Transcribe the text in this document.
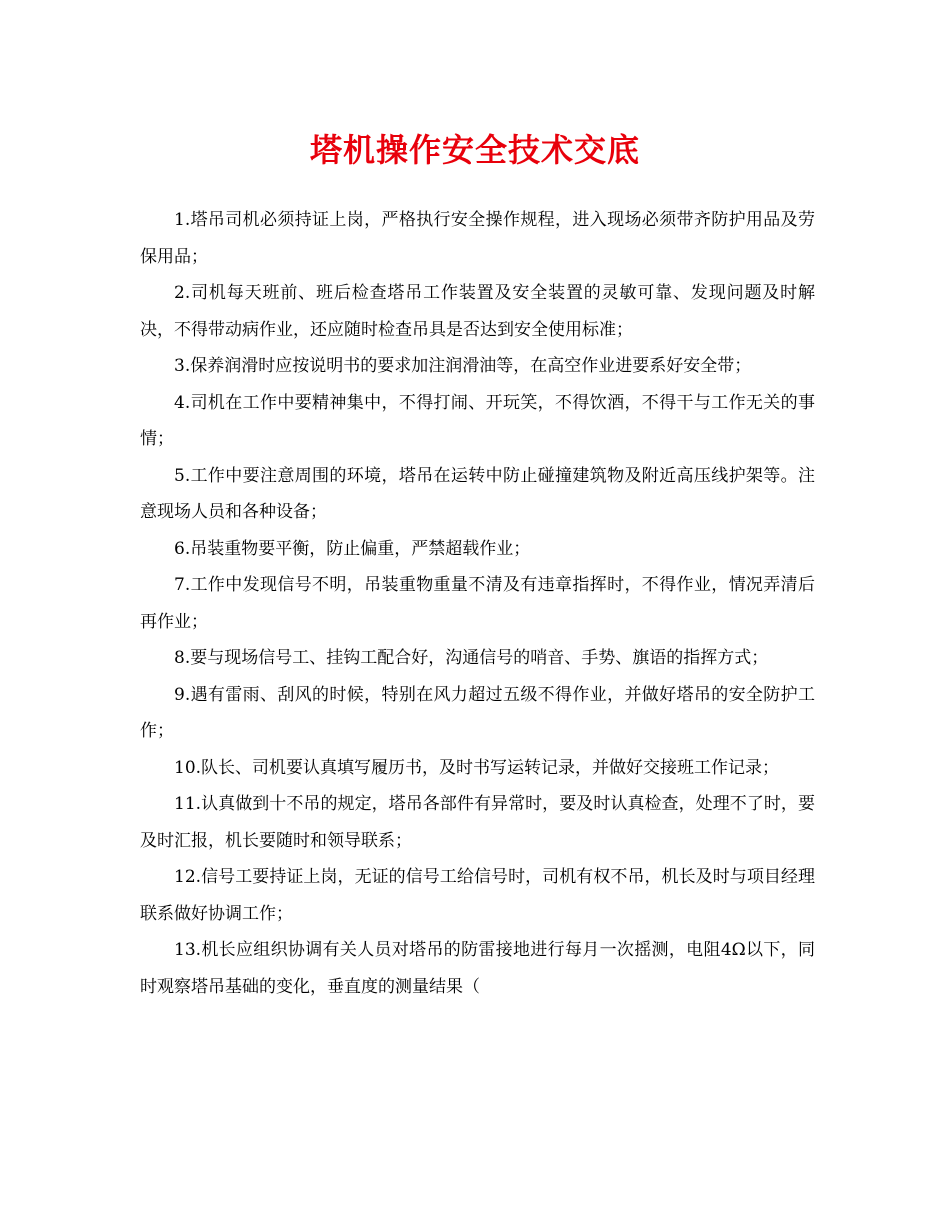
塔机操作安全技术交底

1.塔吊司机必须持证上岗，严格执行安全操作规程，进入现场必须带齐防护用品及劳保用品；

2.司机每天班前、班后检查塔吊工作装置及安全装置的灵敏可靠、发现问题及时解决，不得带动病作业，还应随时检查吊具是否达到安全使用标准；

3.保养润滑时应按说明书的要求加注润滑油等，在高空作业进要系好安全带；

4.司机在工作中要精神集中，不得打闹、开玩笑，不得饮酒，不得干与工作无关的事情；

5.工作中要注意周围的环境，塔吊在运转中防止碰撞建筑物及附近高压线护架等。注意现场人员和各种设备；

6.吊装重物要平衡，防止偏重，严禁超载作业；

7.工作中发现信号不明，吊装重物重量不清及有违章指挥时，不得作业，情况弄清后再作业；

8.要与现场信号工、挂钩工配合好，沟通信号的哨音、手势、旗语的指挥方式；

9.遇有雷雨、刮风的时候，特别在风力超过五级不得作业，并做好塔吊的安全防护工作；

10.队长、司机要认真填写履历书，及时书写运转记录，并做好交接班工作记录；

11.认真做到十不吊的规定，塔吊各部件有异常时，要及时认真检查，处理不了时，要及时汇报，机长要随时和领导联系；

12.信号工要持证上岗，无证的信号工给信号时，司机有权不吊，机长及时与项目经理联系做好协调工作；

13.机长应组织协调有关人员对塔吊的防雷接地进行每月一次摇测，电阻4Ω以下，同时观察塔吊基础的变化，垂直度的测量结果（
